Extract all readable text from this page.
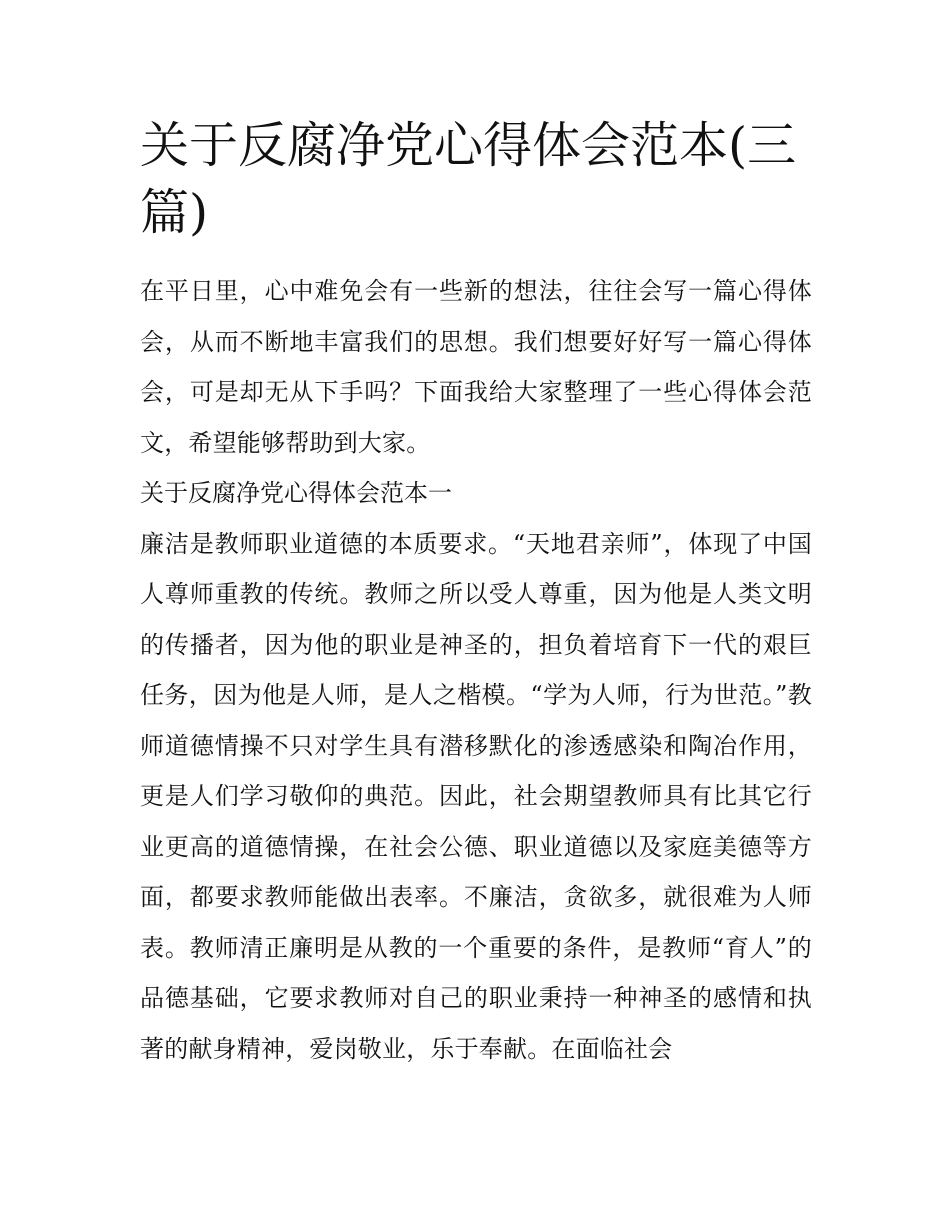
关于反腐净党心得体会范本(三篇)

在平日里，心中难免会有一些新的想法，往往会写一篇心得体会，从而不断地丰富我们的思想。我们想要好好写一篇心得体会，可是却无从下手吗？下面我给大家整理了一些心得体会范文，希望能够帮助到大家。

关于反腐净党心得体会范本一

廉洁是教师职业道德的本质要求。“天地君亲师”，体现了中国人尊师重教的传统。教师之所以受人尊重，因为他是人类文明的传播者，因为他的职业是神圣的，担负着培育下一代的艰巨任务，因为他是人师，是人之楷模。“学为人师，行为世范。”教师道德情操不只对学生具有潜移默化的渗透感染和陶冶作用，更是人们学习敬仰的典范。因此，社会期望教师具有比其它行业更高的道德情操，在社会公德、职业道德以及家庭美德等方面，都要求教师能做出表率。不廉洁，贪欲多，就很难为人师表。教师清正廉明是从教的一个重要的条件，是教师“育人”的品德基础，它要求教师对自己的职业秉持一种神圣的感情和执著的献身精神，爱岗敬业，乐于奉献。在面临社会
